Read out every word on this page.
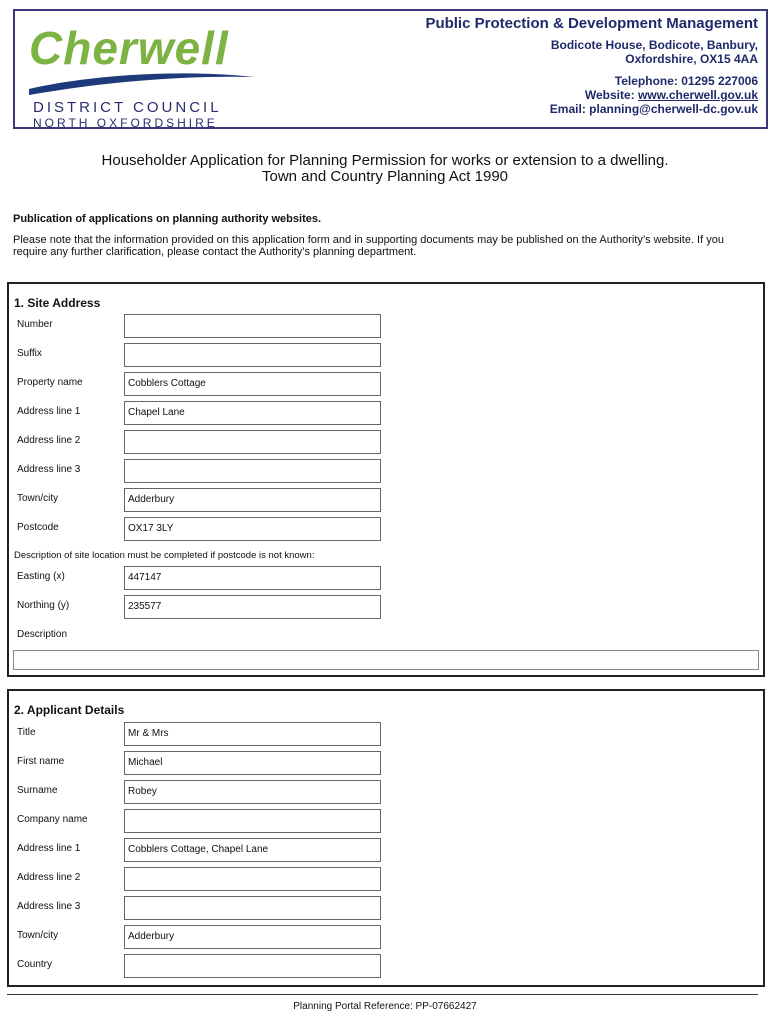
Cherwell
DISTRICT COUNCIL
NORTH OXFORDSHIRE
Public Protection & Development Management
Bodicote House, Bodicote, Banbury,
Oxfordshire, OX15 4AA
Telephone: 01295 227006
Website: www.cherwell.gov.uk
Email: planning@cherwell-dc.gov.uk
Householder Application for Planning Permission for works or extension to a dwelling.
Town and Country Planning Act 1990
Publication of applications on planning authority websites.
Please note that the information provided on this application form and in supporting documents may be published on the Authority’s website. If you require any further clarification, please contact the Authority’s planning department.
1. Site Address
Number
Suffix
Property name	Cobblers Cottage
Address line 1	Chapel Lane
Address line 2
Address line 3
Town/city	Adderbury
Postcode	OX17 3LY
Description of site location must be completed if postcode is not known:
Easting (x)	447147
Northing (y)	235577
Description
2. Applicant Details
Title	Mr & Mrs
First name	Michael
Surname	Robey
Company name
Address line 1	Cobblers Cottage, Chapel Lane
Address line 2
Address line 3
Town/city	Adderbury
Country
Planning Portal Reference: PP-07662427
